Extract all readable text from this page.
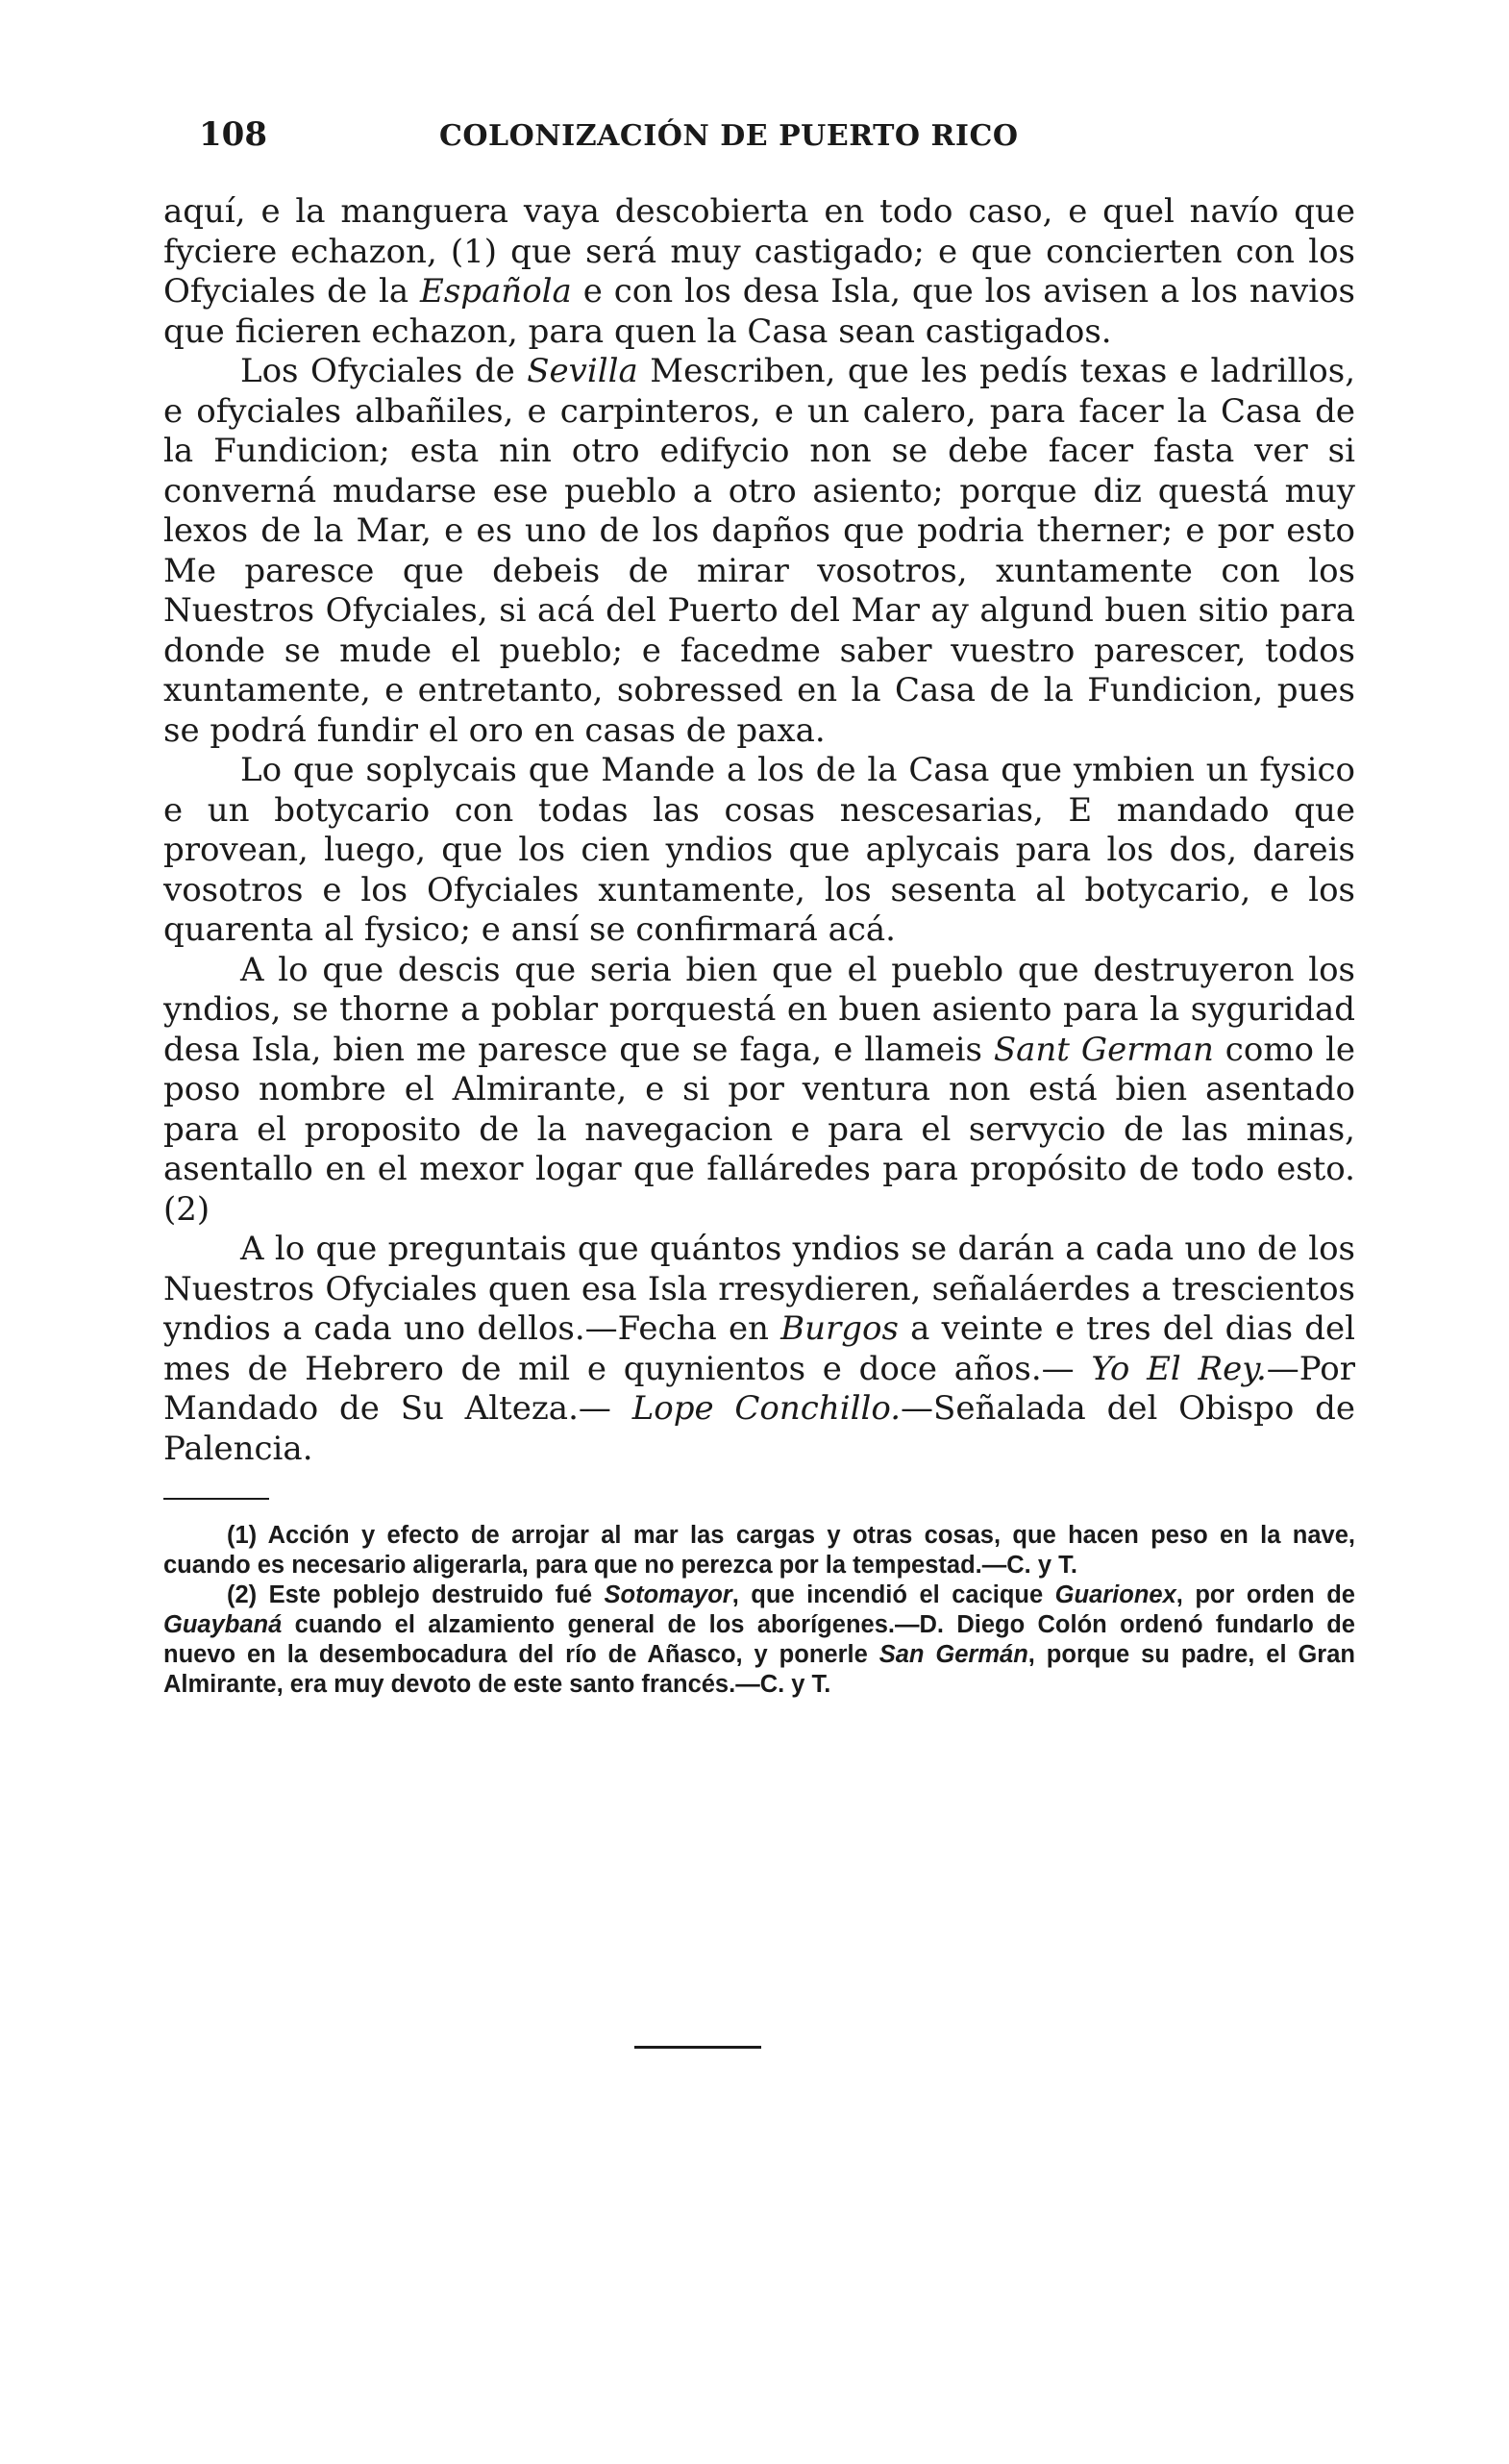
108	COLONIZACIÓN DE PUERTO RICO

aquí, e la manguera vaya descobierta en todo caso, e quel navío que fyciere echazon, (1) que será muy castigado; e que concierten con los Ofyciales de la Española e con los desa Isla, que los avisen a los navios que ficieren echazon, para quen la Casa sean castigados.

Los Ofyciales de Sevilla Mescriben, que les pedís texas e ladrillos, e ofyciales albañiles, e carpinteros, e un calero, para facer la Casa de la Fundicion; esta nin otro edifycio non se debe facer fasta ver si converná mudarse ese pueblo a otro asiento; porque diz questá muy lexos de la Mar, e es uno de los dapños que podria therner; e por esto Me paresce que debeis de mirar vosotros, xuntamente con los Nuestros Ofyciales, si acá del Puerto del Mar ay algund buen sitio para donde se mude el pueblo; e facedme saber vuestro parescer, todos xuntamente, e entretanto, sobressed en la Casa de la Fundicion, pues se podrá fundir el oro en casas de paxa.

Lo que soplycais que Mande a los de la Casa que ymbien un fysico e un botycario con todas las cosas nescesarias, E mandado que provean, luego, que los cien yndios que aplycais para los dos, dareis vosotros e los Ofyciales xuntamente, los sesenta al botycario, e los quarenta al fysico; e ansí se confirmará acá.

A lo que descis que seria bien que el pueblo que destruyeron los yndios, se thorne a poblar porquestá en buen asiento para la syguridad desa Isla, bien me paresce que se faga, e llameis Sant German como le poso nombre el Almirante, e si por ventura non está bien asentado para el proposito de la navegacion e para el servycio de las minas, asentallo en el mexor logar que falláredes para propósito de todo esto. (2)

A lo que preguntais que quántos yndios se darán a cada uno de los Nuestros Ofyciales quen esa Isla rresydieren, señaláerdes a trescientos yndios a cada uno dellos.—Fecha en Burgos a veinte e tres del dias del mes de Hebrero de mil e quynientos e doce años.— Yo El Rey.—Por Mandado de Su Alteza.— Lope Conchillo.—Señalada del Obispo de Palencia.

(1) Acción y efecto de arrojar al mar las cargas y otras cosas, que hacen peso en la nave, cuando es necesario aligerarla, para que no perezca por la tempestad.—C. y T.

(2) Este poblejo destruido fué Sotomayor, que incendió el cacique Guarionex, por orden de Guaybaná cuando el alzamiento general de los aborígenes.—D. Diego Colón ordenó fundarlo de nuevo en la desembocadura del río de Añasco, y ponerle San Germán, porque su padre, el Gran Almirante, era muy devoto de este santo francés.—C. y T.
